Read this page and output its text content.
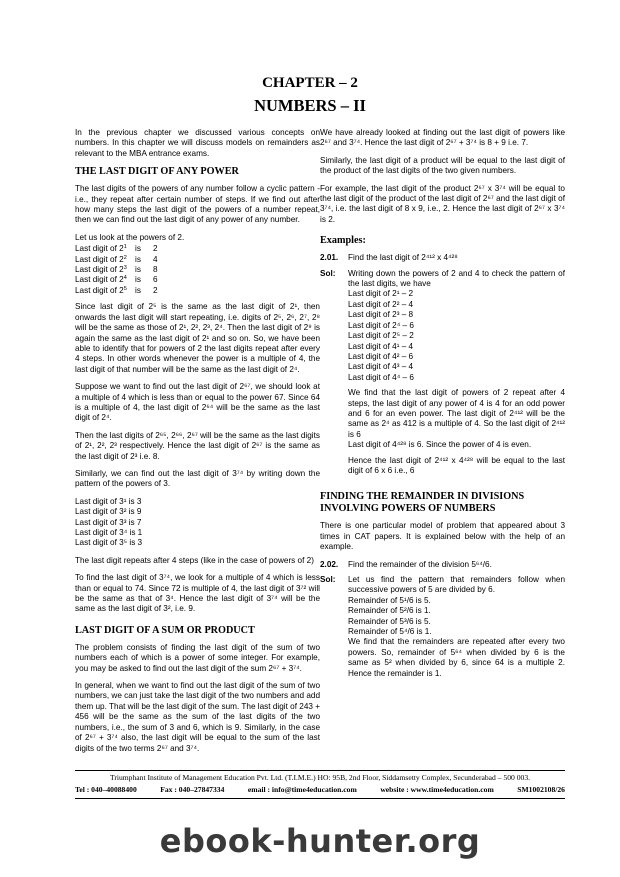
CHAPTER – 2
NUMBERS – II

In the previous chapter we discussed various concepts on numbers. In this chapter we will discuss models on remainders as relevant to the MBA entrance exams.

THE LAST DIGIT OF ANY POWER

The last digits of the powers of any number follow a cyclic pattern - i.e., they repeat after certain number of steps. If we find out after how many steps the last digit of the powers of a number repeat, then we can find out the last digit of any power of any number.

Let us look at the powers of 2.

Last digit of $2^1$	is	2
Last digit of $2^2$	is	4
Last digit of $2^3$	is	8
Last digit of $2^4$	is	6
Last digit of $2^5$	is	2

Since last digit of 2⁵ is the same as the last digit of 2¹, then onwards the last digit will start repeating, i.e. digits of 2⁵, 2⁶, 2⁷, 2⁸ will be the same as those of 2¹, 2², 2³, 2⁴. Then the last digit of 2⁹ is again the same as the last digit of 2¹ and so on. So, we have been able to identify that for powers of 2 the last digits repeat after every 4 steps. In other words whenever the power is a multiple of 4, the last digit of that number will be the same as the last digit of 2⁴.

Suppose we want to find out the last digit of 2⁶⁷, we should look at a multiple of 4 which is less than or equal to the power 67. Since 64 is a multiple of 4, the last digit of 2⁶⁴ will be the same as the last digit of 2⁴.

Then the last digits of 2⁶⁵, 2⁶⁶, 2⁶⁷ will be the same as the last digits of 2¹, 2², 2³ respectively. Hence the last digit of 2⁶⁷ is the same as the last digit of 2³ i.e. 8.

Similarly, we can find out the last digit of 3⁷⁴ by writing down the pattern of the powers of 3.

Last digit of 3¹ is 3
Last digit of 3² is 9
Last digit of 3³ is 7
Last digit of 3⁴ is 1
Last digit of 3⁵ is 3

The last digit repeats after 4 steps (like in the case of powers of 2)

To find the last digit of 3⁷⁴, we look for a multiple of 4 which is less than or equal to 74. Since 72 is multiple of 4, the last digit of 3⁷² will be the same as that of 3⁴. Hence the last digit of 3⁷⁴ will be the same as the last digit of 3², i.e. 9.

LAST DIGIT OF A SUM OR PRODUCT

The problem consists of finding the last digit of the sum of two numbers each of which is a power of some integer. For example, you may be asked to find out the last digit of the sum 2⁶⁷ + 3⁷⁴.

In general, when we want to find out the last digit of the sum of two numbers, we can just take the last digit of the two numbers and add them up. That will be the last digit of the sum. The last digit of 243 + 456 will be the same as the sum of the last digits of the two numbers, i.e., the sum of 3 and 6, which is 9. Similarly, in the case of 2⁶⁷ + 3⁷⁴ also, the last digit will be equal to the sum of the last digits of the two terms 2⁶⁷ and 3⁷⁴.

We have already looked at finding out the last digit of powers like 2⁶⁷ and 3⁷⁴. Hence the last digit of 2⁶⁷ + 3⁷⁴ is 8 + 9 i.e. 7.

Similarly, the last digit of a product will be equal to the last digit of the product of the last digits of the two given numbers.

For example, the last digit of the product 2⁶⁷ x 3⁷⁴ will be equal to the last digit of the product of the last digit of 2⁶⁷ and the last digit of 3⁷⁴, i.e. the last digit of 8 x 9, i.e., 2. Hence the last digit of 2⁶⁷ x 3⁷⁴ is 2.

Examples:
2.01.	Find the last digit of 2⁴¹² x 4⁴²⁸
Sol:	Writing down the powers of 2 and 4 to check the pattern of the last digits, we have

Last digit of 2¹ – 2
Last digit of 2² – 4
Last digit of 2³ – 8
Last digit of 2⁴ – 6
Last digit of 2⁵ – 2
Last digit of 4¹ – 4
Last digit of 4² – 6
Last digit of 4³ – 4
Last digit of 4⁴ – 6

We find that the last digit of powers of 2 repeat after 4 steps, the last digit of any power of 4 is 4 for an odd power and 6 for an even power. The last digit of 2⁴¹² will be the same as 2⁴ as 412 is a multiple of 4. So the last digit of 2⁴¹² is 6

Last digit of 4⁴²⁸ is 6. Since the power of 4 is even.

Hence the last digit of 2⁴¹² x 4⁴²⁸ will be equal to the last digit of 6 x 6 i.e., 6

FINDING THE REMAINDER IN DIVISIONS INVOLVING POWERS OF NUMBERS

There is one particular model of problem that appeared about 3 times in CAT papers. It is explained below with the help of an example.

2.02.	Find the remainder of the division 5⁶⁴/6.
Sol:	Let us find the pattern that remainders follow when successive powers of 5 are divided by 6.

Remainder of 5¹/6 is 5.
Remainder of 5²/6 is 1.
Remainder of 5³/6 is 5.
Remainder of 5⁴/6 is 1.

We find that the remainders are repeated after every two powers. So, remainder of 5⁶⁴ when divided by 6 is the same as 5² when divided by 6, since 64 is a multiple 2. Hence the remainder is 1.

Triumphant Institute of Management Education Pvt. Ltd. (T.I.M.E.) HO: 95B, 2nd Floor, Siddamsetty Complex, Secunderabad – 500 003.
Tel : 040–40088400	Fax : 040–27847334	email : info@time4education.com	website : www.time4education.com	SM1002108/26
ebook-hunter.org
